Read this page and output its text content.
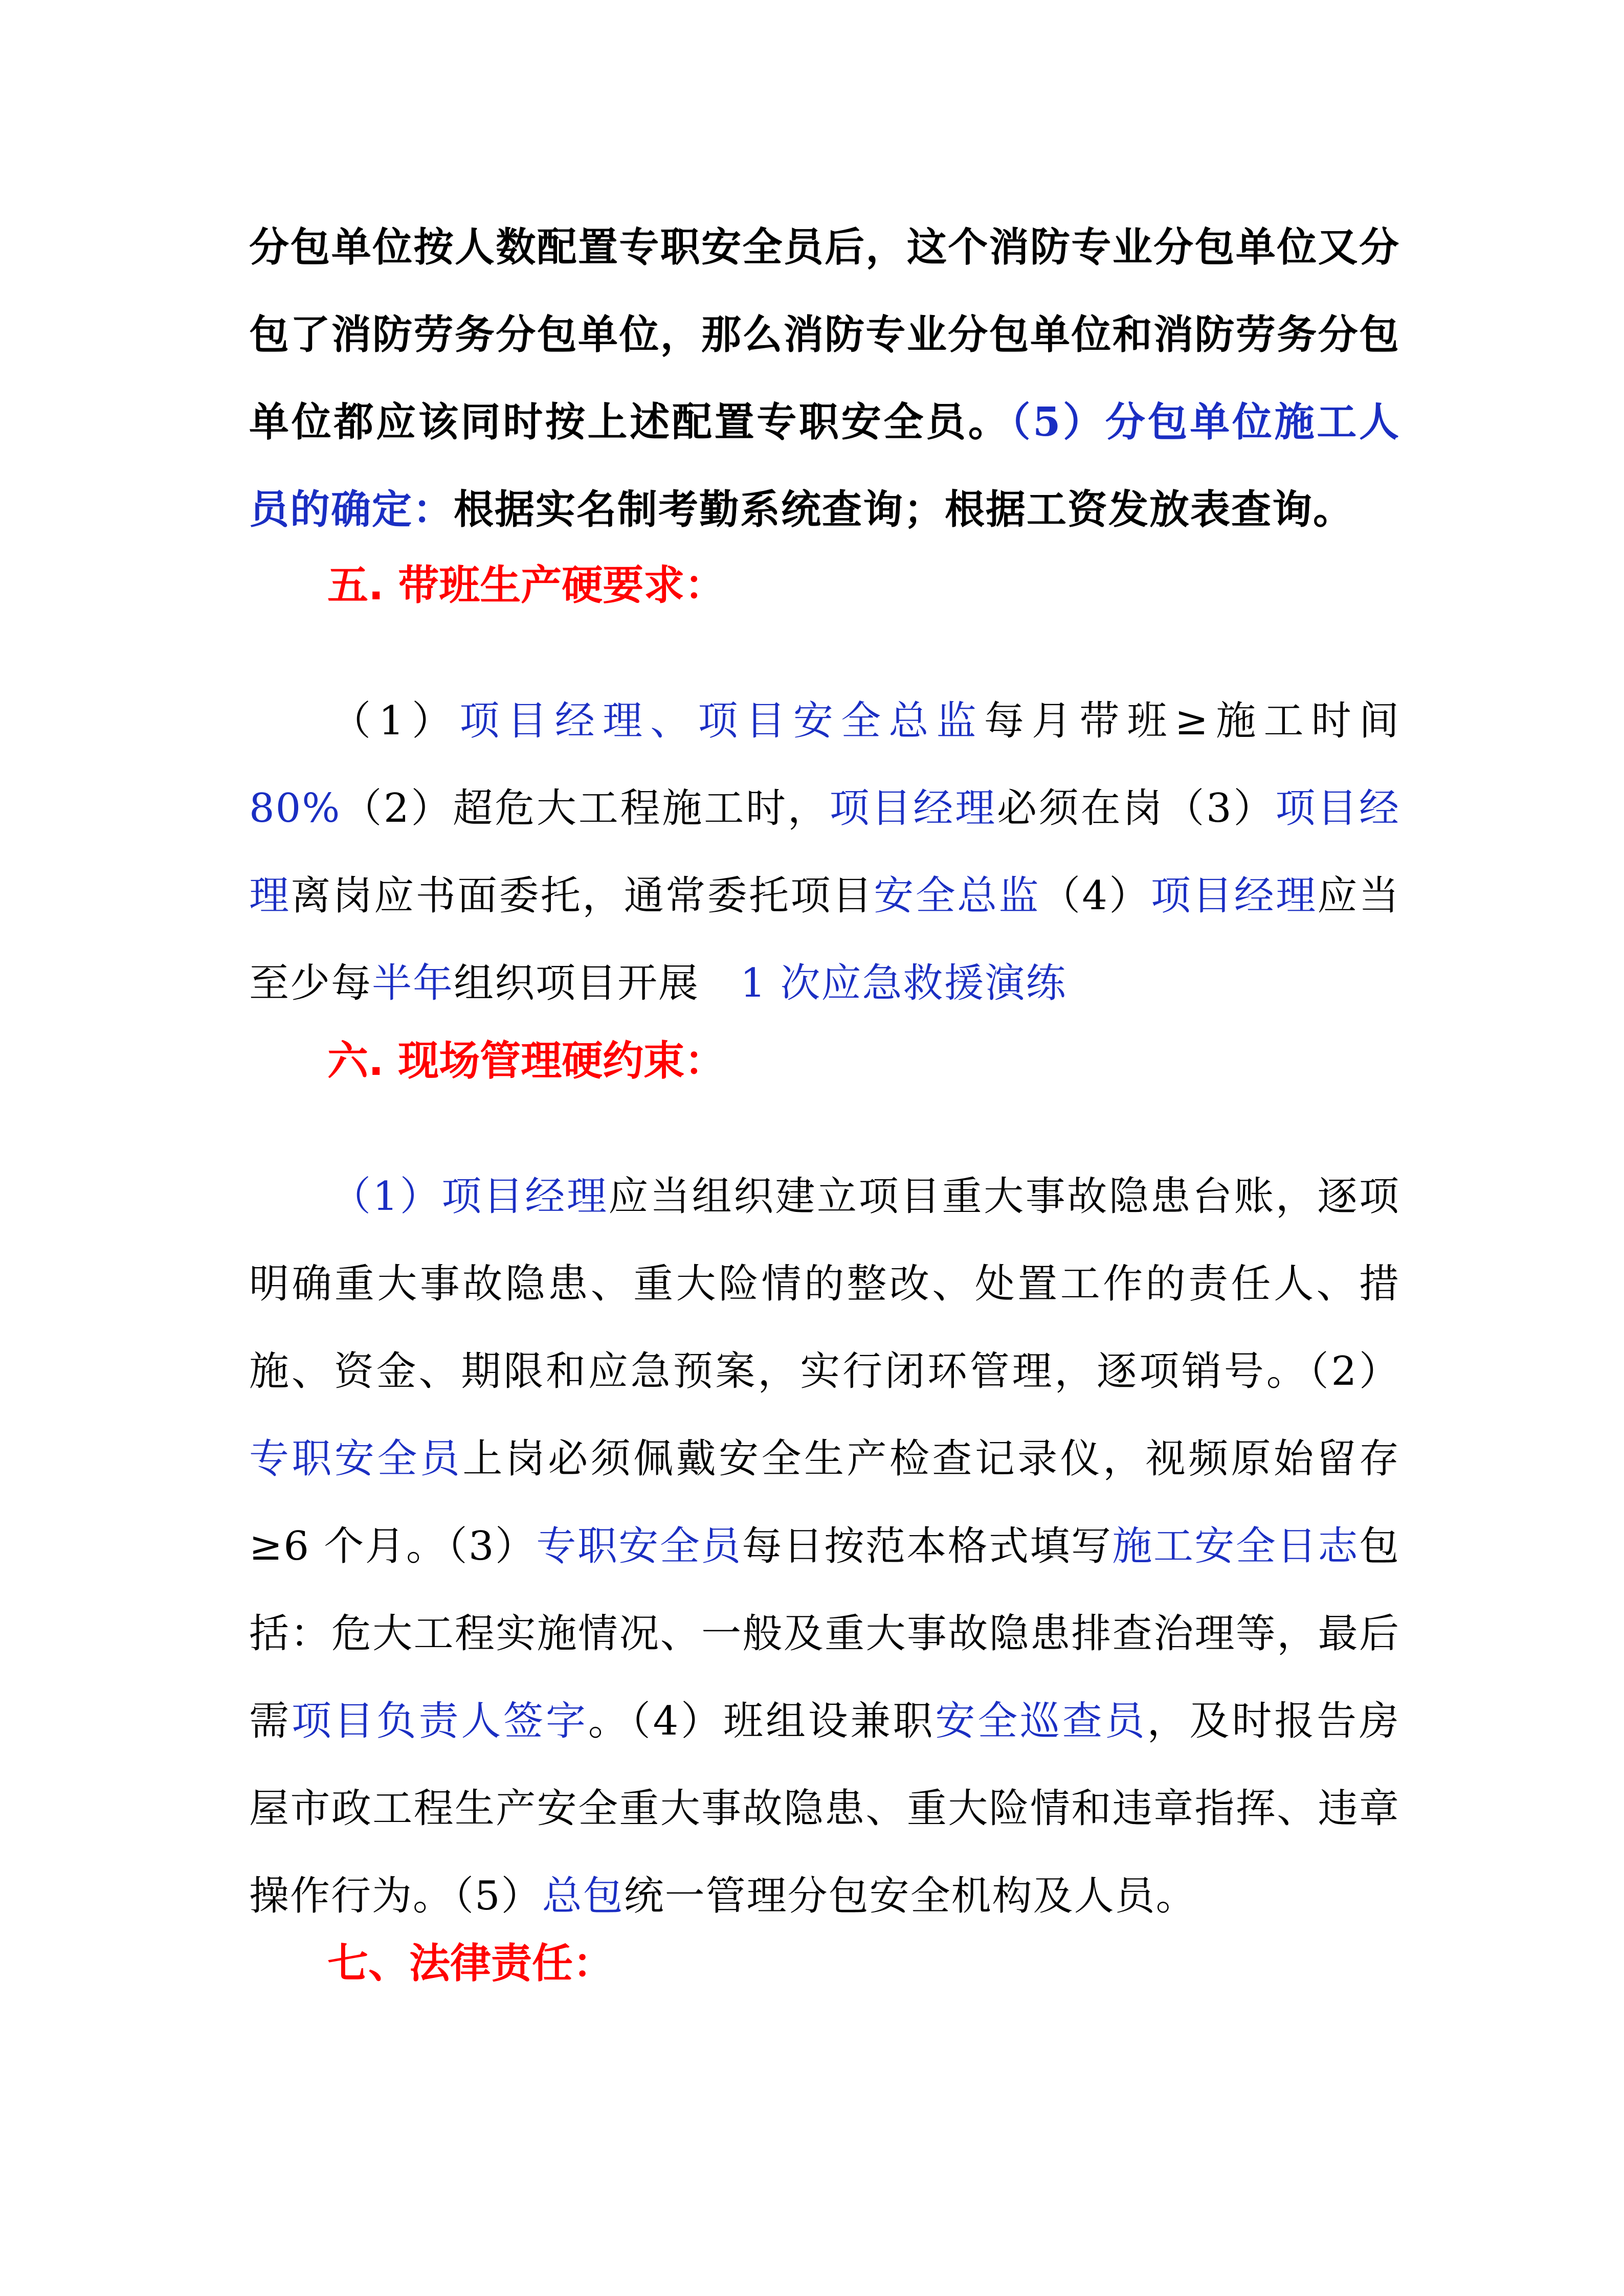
分包单位按人数配置专职安全员后，这个消防专业分包单位又分包了消防劳务分包单位，那么消防专业分包单位和消防劳务分包单位都应该同时按上述配置专职安全员。（5）分包单位施工人员的确定：根据实名制考勤系统查询；根据工资发放表查询。

五. 带班生产硬要求：

（1）项目经理、项目安全总监每月带班≥施工时间80%（2）超危大工程施工时，项目经理必须在岗（3）项目经理离岗应书面委托，通常委托项目安全总监（4）项目经理应当至少每半年组织项目开展　 1 次应急救援演练

六. 现场管理硬约束：

（1）项目经理应当组织建立项目重大事故隐患台账，逐项明确重大事故隐患、重大险情的整改、处置工作的责任人、措施、资金、期限和应急预案，实行闭环管理，逐项销号。（2）专职安全员上岗必须佩戴安全生产检查记录仪，视频原始留存≥6 个月。（3）专职安全员每日按范本格式填写施工安全日志包括：危大工程实施情况、一般及重大事故隐患排查治理等，最后需项目负责人签字。（4）班组设兼职安全巡查员，及时报告房屋市政工程生产安全重大事故隐患、重大险情和违章指挥、违章操作行为。（5）总包统一管理分包安全机构及人员。

七、法律责任：
